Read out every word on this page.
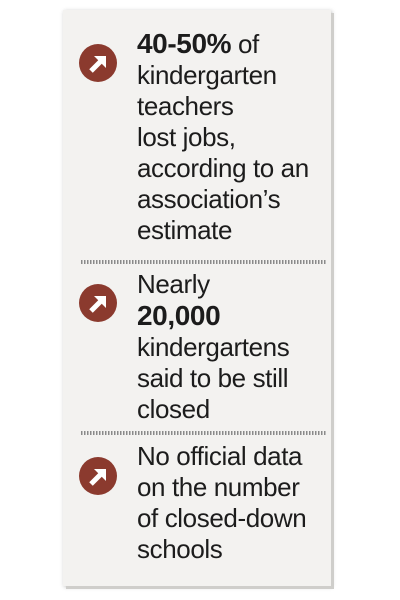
40-50% of
kindergarten
teachers
lost jobs,
according to an
association’s
estimate
Nearly
20,000
kindergartens
said to be still
closed
No official data
on the number
of closed-down
schools
